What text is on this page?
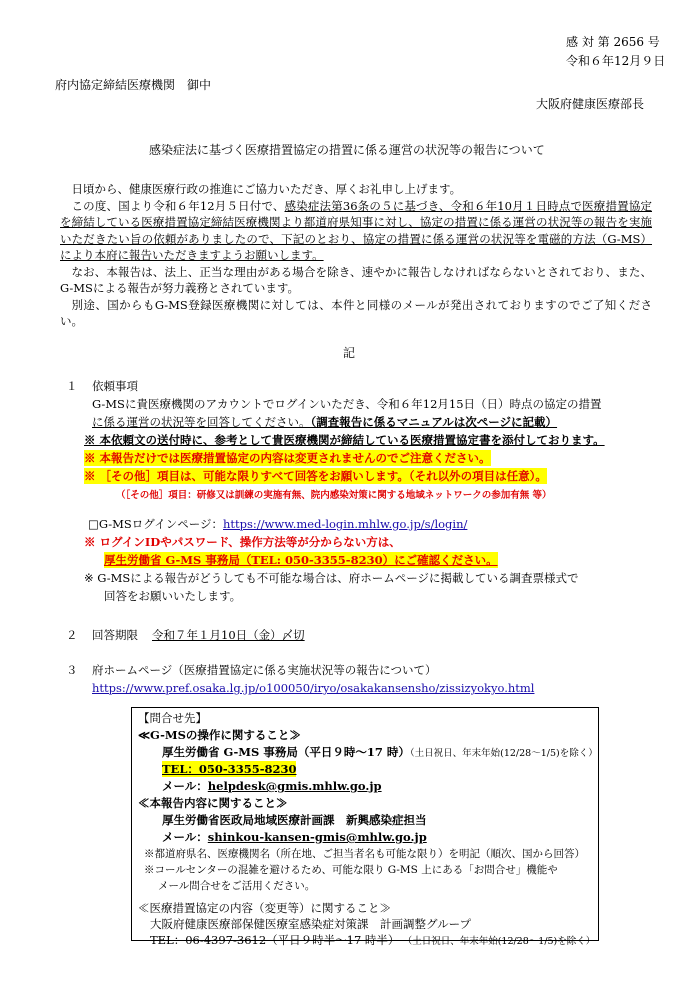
感 対 第 2656 号
令和６年12月９日
府内協定締結医療機関　御中
大阪府健康医療部長
感染症法に基づく医療措置協定の措置に係る運営の状況等の報告について

日頃から、健康医療行政の推進にご協力いただき、厚くお礼申し上げます。

この度、国より令和６年12月５日付で、感染症法第36条の５に基づき、令和６年10月１日時点で医療措置協定を締結している医療措置協定締結医療機関より都道府県知事に対し、協定の措置に係る運営の状況等の報告を実施いただきたい旨の依頼がありましたので、下記のとおり、協定の措置に係る運営の状況等を電磁的方法（G-MS）により本府に報告いただきますようお願いします。

なお、本報告は、法上、正当な理由がある場合を除き、速やかに報告しなければならないとされており、また、G-MSによる報告が努力義務とされています。

別途、国からもG-MS登録医療機関に対しては、本件と同様のメールが発出されておりますのでご了知ください。

記
１ 依頼事項
G-MSに貴医療機関のアカウントでログインいただき、令和６年12月15日（日）時点の協定の措置
に係る運営の状況等を回答してください。（調査報告に係るマニュアルは次ページに記載）
※ 本依頼文の送付時に、参考として貴医療機関が締結している医療措置協定書を添付しております。
※ 本報告だけでは医療措置協定の内容は変更されませんのでご注意ください。
※ ［その他］項目は、可能な限りすべて回答をお願いします。（それ以外の項目は任意）。
（［その他］項目：研修又は訓練の実施有無、院内感染対策に関する地域ネットワークの参加有無 等）
□G-MSログインページ：https://www.med-login.mhlw.go.jp/s/login/
※ ログインIDやパスワード、操作方法等が分からない方は、
厚生労働省 G-MS 事務局（TEL: 050-3355-8230）にご確認ください。
※ G-MSによる報告がどうしても不可能な場合は、府ホームページに掲載している調査票様式で
回答をお願いいたします。
２ 回答期限 令和７年１月10日（金）〆切
３ 府ホームページ（医療措置協定に係る実施状況等の報告について）
https://www.pref.osaka.lg.jp/o100050/iryo/osakakansensho/zissizyokyo.html
【問合せ先】
≪G-MSの操作に関すること≫
厚生労働省 G-MS 事務局（平日９時〜17 時）（土日祝日、年末年始(12/28〜1/5)を除く）
TEL：050-3355-8230
メール：helpdesk@gmis.mhlw.go.jp
≪本報告内容に関すること≫
厚生労働省医政局地域医療計画課　新興感染症担当
メール：shinkou-kansen-gmis@mhlw.go.jp
※都道府県名、医療機関名（所在地、ご担当者名も可能な限り）を明記（順次、国から回答）
※コールセンターの混雑を避けるため、可能な限り G-MS 上にある「お問合せ」機能や
メール問合せをご活用ください。
≪医療措置協定の内容（変更等）に関すること≫
大阪府健康医療部保健医療室感染症対策課　計画調整グループ
TEL：06-4397-3612（平日９時半〜17 時半） （土日祝日、年末年始(12/28〜1/5)を除く）
